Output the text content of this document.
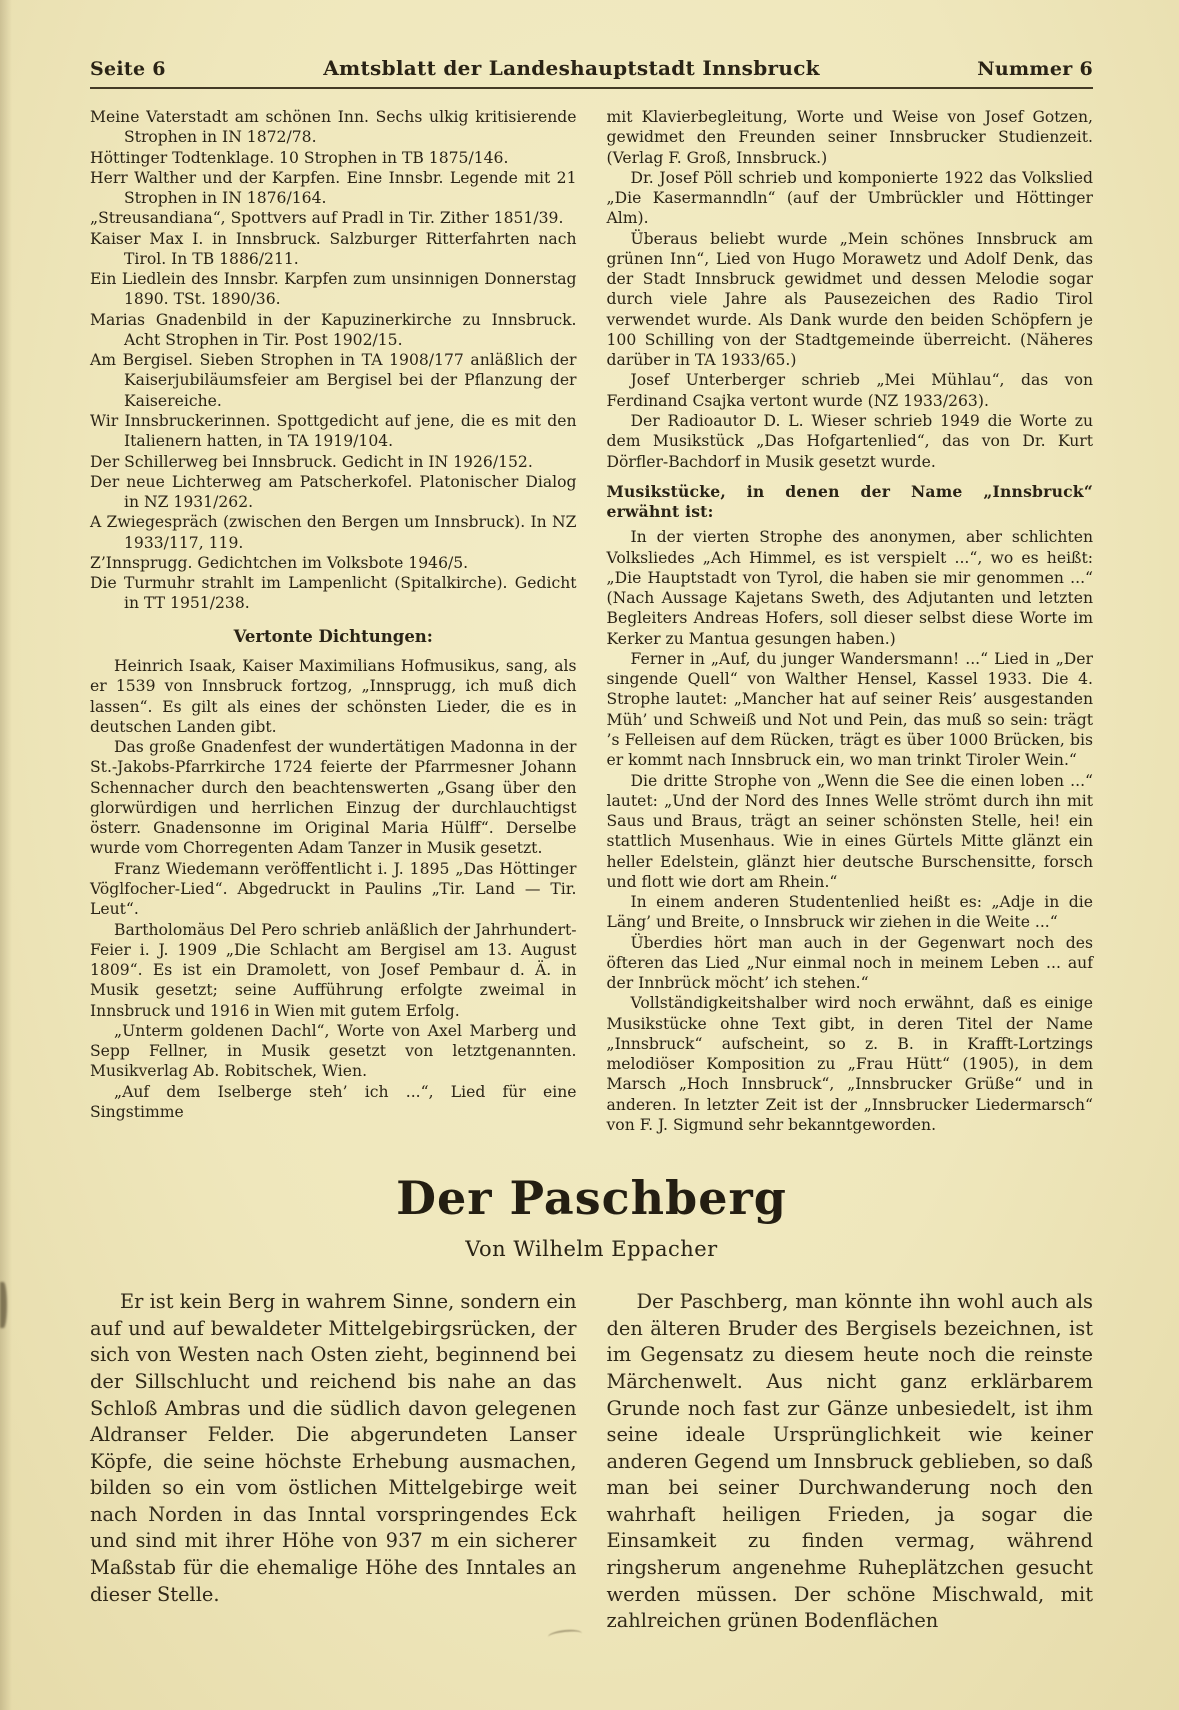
Seite 6	Amtsblatt der Landeshauptstadt Innsbruck	Nummer 6

Meine Vaterstadt am schönen Inn. Sechs ulkig kritisierende Strophen in IN 1872/78.

Höttinger Todtenklage. 10 Strophen in TB 1875/146.

Herr Walther und der Karpfen. Eine Innsbr. Legende mit 21 Strophen in IN 1876/164.

„Streusandiana“, Spottvers auf Pradl in Tir. Zither 1851/39.

Kaiser Max I. in Innsbruck. Salzburger Ritterfahrten nach Tirol. In TB 1886/211.

Ein Liedlein des Innsbr. Karpfen zum unsinnigen Donnerstag 1890. TSt. 1890/36.

Marias Gnadenbild in der Kapuzinerkirche zu Innsbruck. Acht Strophen in Tir. Post 1902/15.

Am Bergisel. Sieben Strophen in TA 1908/177 anläßlich der Kaiserjubiläumsfeier am Bergisel bei der Pflanzung der Kaisereiche.

Wir Innsbruckerinnen. Spottgedicht auf jene, die es mit den Italienern hatten, in TA 1919/104.

Der Schillerweg bei Innsbruck. Gedicht in IN 1926/152.

Der neue Lichterweg am Patscherkofel. Platonischer Dialog in NZ 1931/262.

A Zwiegespräch (zwischen den Bergen um Innsbruck). In NZ 1933/117, 119.

Z’Innsprugg. Gedichtchen im Volksbote 1946/5.

Die Turmuhr strahlt im Lampenlicht (Spitalkirche). Gedicht in TT 1951/238.

Vertonte Dichtungen:

Heinrich Isaak, Kaiser Maximilians Hofmusikus, sang, als er 1539 von Innsbruck fortzog, „Innsprugg, ich muß dich lassen“. Es gilt als eines der schönsten Lieder, die es in deutschen Landen gibt.

Das große Gnadenfest der wundertätigen Madonna in der St.-Jakobs-Pfarrkirche 1724 feierte der Pfarrmesner Johann Schennacher durch den beachtenswerten „Gsang über den glorwürdigen und herrlichen Einzug der durchlauchtigst österr. Gnadensonne im Original Maria Hülff“. Derselbe wurde vom Chorregenten Adam Tanzer in Musik gesetzt.

Franz Wiedemann veröffentlicht i. J. 1895 „Das Höttinger Vöglfocher-Lied“. Abgedruckt in Paulins „Tir. Land — Tir. Leut“.

Bartholomäus Del Pero schrieb anläßlich der Jahrhundert-Feier i. J. 1909 „Die Schlacht am Bergisel am 13. August 1809“. Es ist ein Dramolett, von Josef Pembaur d. Ä. in Musik gesetzt; seine Aufführung erfolgte zweimal in Innsbruck und 1916 in Wien mit gutem Erfolg.

„Unterm goldenen Dachl“, Worte von Axel Marberg und Sepp Fellner, in Musik gesetzt von letztgenannten. Musikverlag Ab. Robitschek, Wien.

„Auf dem Iselberge steh’ ich ...“, Lied für eine Singstimme

mit Klavierbegleitung, Worte und Weise von Josef Gotzen, gewidmet den Freunden seiner Innsbrucker Studienzeit. (Verlag F. Groß, Innsbruck.)

Dr. Josef Pöll schrieb und komponierte 1922 das Volkslied „Die Kasermanndln“ (auf der Umbrückler und Höttinger Alm).

Überaus beliebt wurde „Mein schönes Innsbruck am grünen Inn“, Lied von Hugo Morawetz und Adolf Denk, das der Stadt Innsbruck gewidmet und dessen Melodie sogar durch viele Jahre als Pausezeichen des Radio Tirol verwendet wurde. Als Dank wurde den beiden Schöpfern je 100 Schilling von der Stadtgemeinde überreicht. (Näheres darüber in TA 1933/65.)

Josef Unterberger schrieb „Mei Mühlau“, das von Ferdinand Csajka vertont wurde (NZ 1933/263).

Der Radioautor D. L. Wieser schrieb 1949 die Worte zu dem Musikstück „Das Hofgartenlied“, das von Dr. Kurt Dörfler-Bachdorf in Musik gesetzt wurde.

Musikstücke, in denen der Name „Innsbruck“ erwähnt ist:

In der vierten Strophe des anonymen, aber schlichten Volksliedes „Ach Himmel, es ist verspielt ...“, wo es heißt: „Die Hauptstadt von Tyrol, die haben sie mir genommen ...“ (Nach Aussage Kajetans Sweth, des Adjutanten und letzten Begleiters Andreas Hofers, soll dieser selbst diese Worte im Kerker zu Mantua gesungen haben.)

Ferner in „Auf, du junger Wandersmann! ...“ Lied in „Der singende Quell“ von Walther Hensel, Kassel 1933. Die 4. Strophe lautet: „Mancher hat auf seiner Reis’ ausgestanden Müh’ und Schweiß und Not und Pein, das muß so sein: trägt ’s Felleisen auf dem Rücken, trägt es über 1000 Brücken, bis er kommt nach Innsbruck ein, wo man trinkt Tiroler Wein.“

Die dritte Strophe von „Wenn die See die einen loben ...“ lautet: „Und der Nord des Innes Welle strömt durch ihn mit Saus und Braus, trägt an seiner schönsten Stelle, hei! ein stattlich Musenhaus. Wie in eines Gürtels Mitte glänzt ein heller Edelstein, glänzt hier deutsche Burschensitte, forsch und flott wie dort am Rhein.“

In einem anderen Studentenlied heißt es: „Adje in die Läng’ und Breite, o Innsbruck wir ziehen in die Weite ...“

Überdies hört man auch in der Gegenwart noch des öfteren das Lied „Nur einmal noch in meinem Leben ... auf der Innbrück möcht’ ich stehen.“

Vollständigkeitshalber wird noch erwähnt, daß es einige Musikstücke ohne Text gibt, in deren Titel der Name „Innsbruck“ aufscheint, so z. B. in Krafft-Lortzings melodiöser Komposition zu „Frau Hütt“ (1905), in dem Marsch „Hoch Innsbruck“, „Innsbrucker Grüße“ und in anderen. In letzter Zeit ist der „Innsbrucker Liedermarsch“ von F. J. Sigmund sehr bekanntgeworden.

Der Paschberg

Von Wilhelm Eppacher

Er ist kein Berg in wahrem Sinne, sondern ein auf und auf bewaldeter Mittelgebirgsrücken, der sich von Westen nach Osten zieht, beginnend bei der Sillschlucht und reichend bis nahe an das Schloß Ambras und die südlich davon gelegenen Aldranser Felder. Die abgerundeten Lanser Köpfe, die seine höchste Erhebung ausmachen, bilden so ein vom östlichen Mittelgebirge weit nach Norden in das Inntal vorspringendes Eck und sind mit ihrer Höhe von 937 m ein sicherer Maßstab für die ehemalige Höhe des Inntales an dieser Stelle.

Der Paschberg, man könnte ihn wohl auch als den älteren Bruder des Bergisels bezeichnen, ist im Gegensatz zu diesem heute noch die reinste Märchenwelt. Aus nicht ganz erklärbarem Grunde noch fast zur Gänze unbesiedelt, ist ihm seine ideale Ursprünglichkeit wie keiner anderen Gegend um Innsbruck geblieben, so daß man bei seiner Durchwanderung noch den wahrhaft heiligen Frieden, ja sogar die Einsamkeit zu finden vermag, während ringsherum angenehme Ruheplätzchen gesucht werden müssen. Der schöne Mischwald, mit zahlreichen grünen Bodenflächen
